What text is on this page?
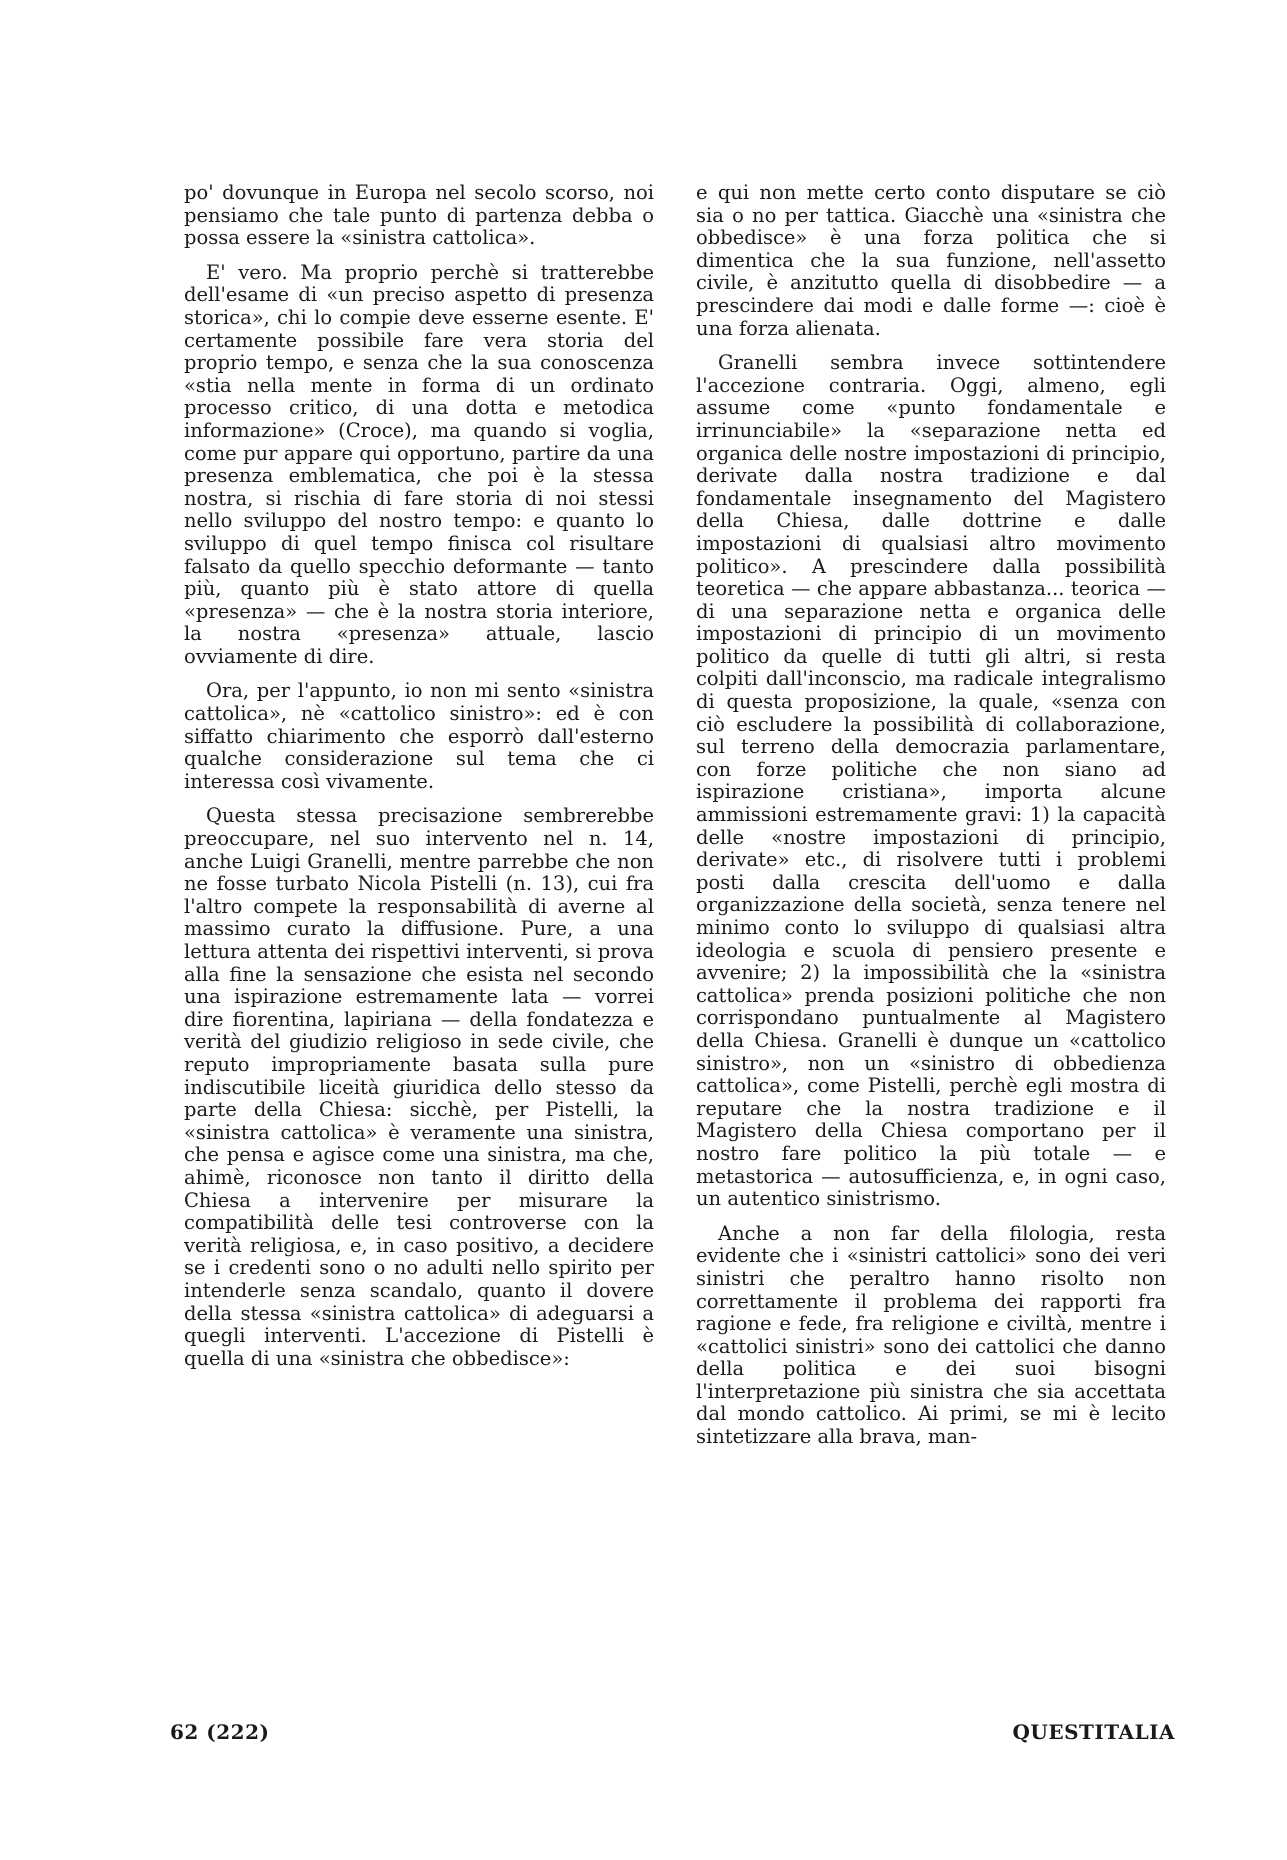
po' dovunque in Europa nel secolo scorso, noi pensiamo che tale punto di partenza debba o possa essere la «sinistra cattolica».

E' vero. Ma proprio perchè si tratterebbe dell'esame di «un preciso aspetto di presenza storica», chi lo compie deve esserne esente. E' certamente possibile fare vera storia del proprio tempo, e senza che la sua conoscenza «stia nella mente in forma di un ordinato processo critico, di una dotta e metodica informazione» (Croce), ma quando si voglia, come pur appare qui opportuno, partire da una presenza emblematica, che poi è la stessa nostra, si rischia di fare storia di noi stessi nello sviluppo del nostro tempo: e quanto lo sviluppo di quel tempo finisca col risultare falsato da quello specchio deformante — tanto più, quanto più è stato attore di quella «presenza» — che è la nostra storia interiore, la nostra «presenza» attuale, lascio ovviamente di dire.

Ora, per l'appunto, io non mi sento «sinistra cattolica», nè «cattolico sinistro»: ed è con siffatto chiarimento che esporrò dall'esterno qualche considerazione sul tema che ci interessa così vivamente.

Questa stessa precisazione sembrerebbe preoccupare, nel suo intervento nel n. 14, anche Luigi Granelli, mentre parrebbe che non ne fosse turbato Nicola Pistelli (n. 13), cui fra l'altro compete la responsabilità di averne al massimo curato la diffusione. Pure, a una lettura attenta dei rispettivi interventi, si prova alla fine la sensazione che esista nel secondo una ispirazione estremamente lata — vorrei dire fiorentina, lapiriana — della fondatezza e verità del giudizio religioso in sede civile, che reputo impropriamente basata sulla pure indiscutibile liceità giuridica dello stesso da parte della Chiesa: sicchè, per Pistelli, la «sinistra cattolica» è veramente una sinistra, che pensa e agisce come una sinistra, ma che, ahimè, riconosce non tanto il diritto della Chiesa a intervenire per misurare la compatibilità delle tesi controverse con la verità religiosa, e, in caso positivo, a decidere se i credenti sono o no adulti nello spirito per intenderle senza scandalo, quanto il dovere della stessa «sinistra cattolica» di adeguarsi a quegli interventi. L'accezione di Pistelli è quella di una «sinistra che obbedisce»:

e qui non mette certo conto disputare se ciò sia o no per tattica. Giacchè una «sinistra che obbedisce» è una forza politica che si dimentica che la sua funzione, nell'assetto civile, è anzitutto quella di disobbedire — a prescindere dai modi e dalle forme —: cioè è una forza alienata.

Granelli sembra invece sottintendere l'accezione contraria. Oggi, almeno, egli assume come «punto fondamentale e irrinunciabile» la «separazione netta ed organica delle nostre impostazioni di principio, derivate dalla nostra tradizione e dal fondamentale insegnamento del Magistero della Chiesa, dalle dottrine e dalle impostazioni di qualsiasi altro movimento politico». A prescindere dalla possibilità teoretica — che appare abbastanza... teorica — di una separazione netta e organica delle impostazioni di principio di un movimento politico da quelle di tutti gli altri, si resta colpiti dall'inconscio, ma radicale integralismo di questa proposizione, la quale, «senza con ciò escludere la possibilità di collaborazione, sul terreno della democrazia parlamentare, con forze politiche che non siano ad ispirazione cristiana», importa alcune ammissioni estremamente gravi: 1) la capacità delle «nostre impostazioni di principio, derivate» etc., di risolvere tutti i problemi posti dalla crescita dell'uomo e dalla organizzazione della società, senza tenere nel minimo conto lo sviluppo di qualsiasi altra ideologia e scuola di pensiero presente e avvenire; 2) la impossibilità che la «sinistra cattolica» prenda posizioni politiche che non corrispondano puntualmente al Magistero della Chiesa. Granelli è dunque un «cattolico sinistro», non un «sinistro di obbedienza cattolica», come Pistelli, perchè egli mostra di reputare che la nostra tradizione e il Magistero della Chiesa comportano per il nostro fare politico la più totale — e metastorica — autosufficienza, e, in ogni caso, un autentico sinistrismo.

Anche a non far della filologia, resta evidente che i «sinistri cattolici» sono dei veri sinistri che peraltro hanno risolto non correttamente il problema dei rapporti fra ragione e fede, fra religione e civiltà, mentre i «cattolici sinistri» sono dei cattolici che danno della politica e dei suoi bisogni l'interpretazione più sinistra che sia accettata dal mondo cattolico. Ai primi, se mi è lecito sintetizzare alla brava, man-

62 (222)	QUESTITALIA
